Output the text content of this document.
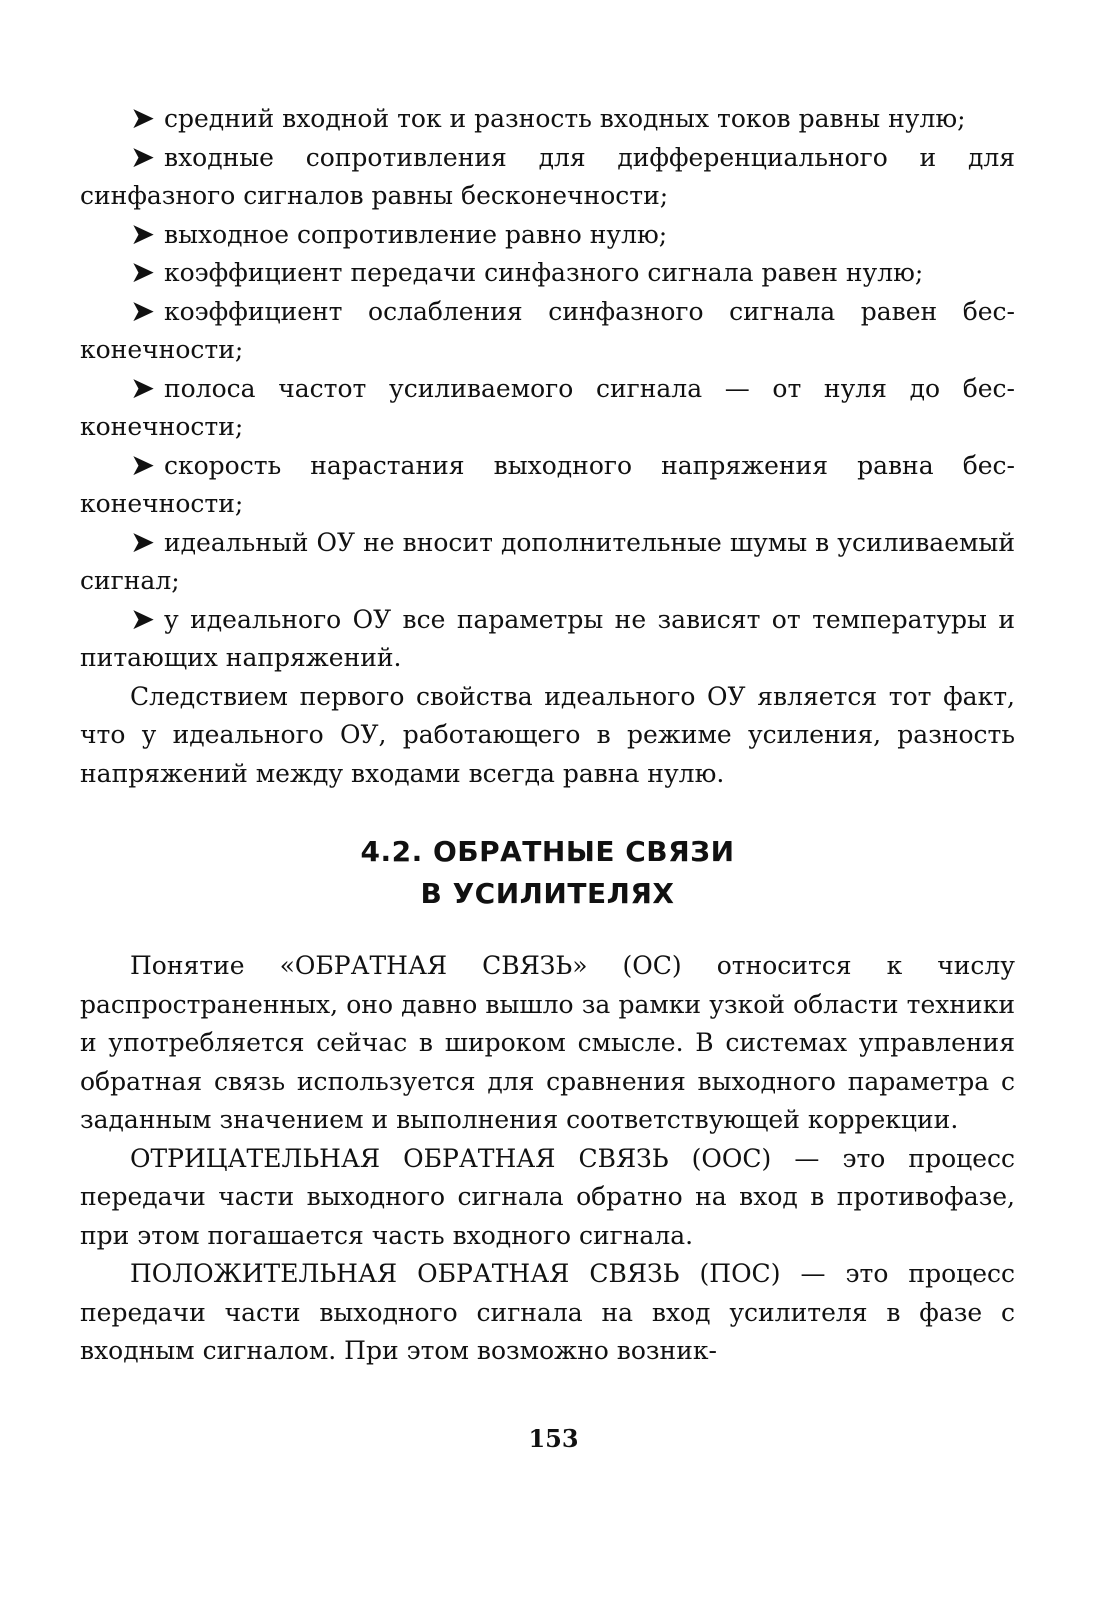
➤ средний входной ток и разность входных токов равны нулю;
➤ входные сопротивления для дифференциального и для синфазного сигналов равны бесконечности;
➤ выходное сопротивление равно нулю;
➤ коэффициент передачи синфазного сигнала равен нулю;
➤ коэффициент ослабления синфазного сигнала равен бесконечности;
➤ полоса частот усиливаемого сигнала — от нуля до бесконечности;
➤ скорость нарастания выходного напряжения равна бесконечности;
➤ идеальный ОУ не вносит дополнительные шумы в усиливаемый сигнал;
➤ у идеального ОУ все параметры не зависят от температуры и питающих напряжений.

Следствием первого свойства идеального ОУ является тот факт, что у идеального ОУ, работающего в режиме усиления, разность напряжений между входами всегда равна нулю.

4.2. ОБРАТНЫЕ СВЯЗИ
В УСИЛИТЕЛЯХ

Понятие «ОБРАТНАЯ СВЯЗЬ» (ОС) относится к числу распространенных, оно давно вышло за рамки узкой области техники и употребляется сейчас в широком смысле. В системах управления обратная связь используется для сравнения выходного параметра с заданным значением и выполнения соответствующей коррекции.

ОТРИЦАТЕЛЬНАЯ ОБРАТНАЯ СВЯЗЬ (ООС) — это процесс передачи части выходного сигнала обратно на вход в противофазе, при этом погашается часть входного сигнала.

ПОЛОЖИТЕЛЬНАЯ ОБРАТНАЯ СВЯЗЬ (ПОС) — это процесс передачи части выходного сигнала на вход усилителя в фазе с входным сигналом. При этом возможно возник-

153
